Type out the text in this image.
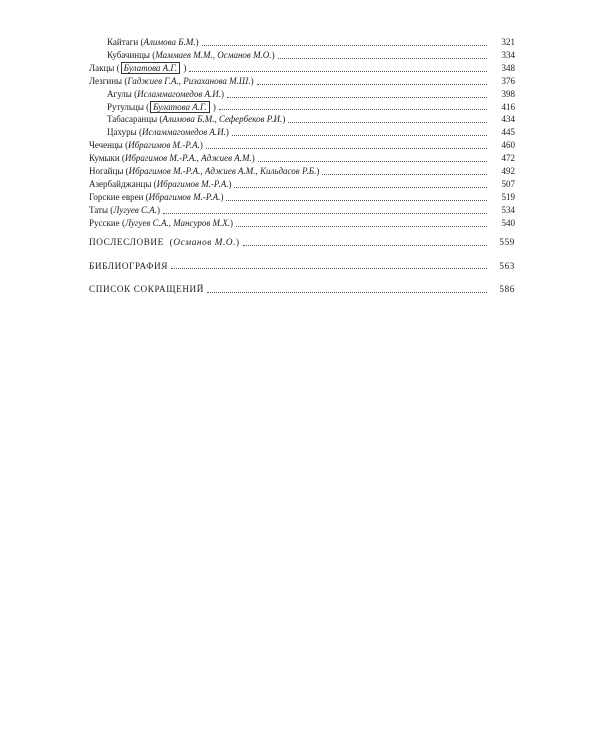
Кайтаги (Алимова Б.М.)	321
Кубачинцы (Маммаев М.М., Османов М.О.)	334
Лакцы ( Булатова А.Г. )	348
Лезгины (Гаджиев Г.А., Ризаханова М.Ш.)	376
Агулы (Исламмагомедов А.И.)	398
Рутульцы ( Булатова А.Г. )	416
Табасаранцы (Алимова Б.М., Сефербеков Р.И.)	434
Цахуры (Исламмагомедов А.И.)	445
Чеченцы (Ибрагимов М.-Р.А.)	460
Кумыки (Ибрагимов М.-Р.А., Аджиев А.М.)	472
Ногайцы (Ибрагимов М.-Р.А., Аджиев А.М., Кильдасов Р.Б.)	492
Азербайджанцы (Ибрагимов М.-Р.А.)	507
Горские евреи (Ибрагимов М.-Р.А.)	519
Таты (Лугуев С.А.)	534
Русские (Лугуев С.А., Мансуров М.Х.)	540
ПОСЛЕСЛОВИЕ  (Османов М.О.)	559
БИБЛИОГРАФИЯ	563
СПИСОК СОКРАЩЕНИЙ	586
